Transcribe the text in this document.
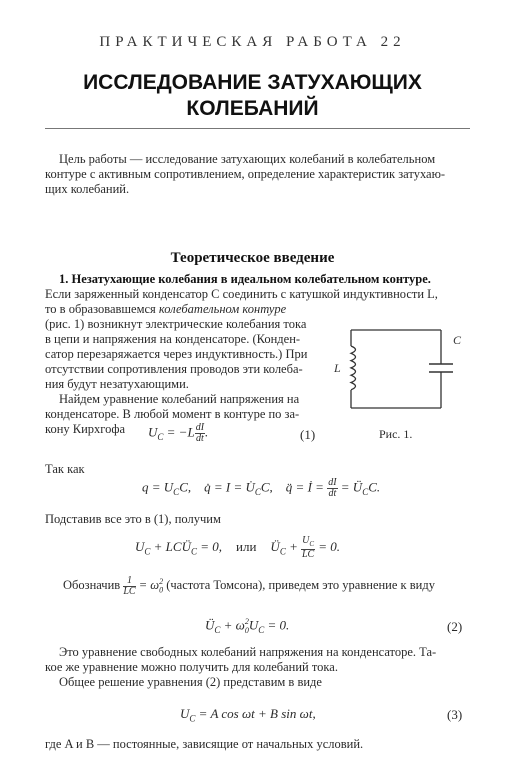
ПРАКТИЧЕСКАЯ РАБОТА 22
ИССЛЕДОВАНИЕ ЗАТУХАЮЩИХ
КОЛЕБАНИЙ
Цель работы — исследование затухающих колебаний в колебательном
контуре с активным сопротивлением, определение характеристик затухаю-
щих колебаний.
Теоретическое введение
1. Незатухающие колебания в идеальном колебательном контуре.
Если заряженный конденсатор C соединить с катушкой индуктивности L,
то в образовавшемся колебательном контуре
(рис. 1) возникнут электрические колебания тока
в цепи и напряжения на конденсаторе. (Конден-
сатор перезаряжается через индуктивность.) При
отсутствии сопротивления проводов эти колеба-
ния будут незатухающими.
Найдем уравнение колебаний напряжения на
конденсаторе. В любой момент в контуре по за-
кону Кирхгофа
L
C
$U_C = -L \frac{dI}{dt}$ .	(1)	Рис. 1.
Так как
$q = U_CC$,    q̇ = $I = U̇_CC$,    q̈ = İ = $\frac{dI}{dt}$ = $Ü_CC$.
Подставив все это в (1), получим
$U_C$ + $LCÜ_C = 0$, или $Ü_C + \frac{U_C}{LC} = 0$.
Обозначив $\frac{1}{LC} = \omega_0^2$ (частота Томсона), приведем это уравнение к виду
$Ü_C + \omega_0^2U_C = 0$.	(2)
Это уравнение свободных колебаний напряжения на конденсаторе. Та-
кое же уравнение можно получить для колебаний тока.
Общее решение уравнения (2) представим в виде
$U_C = A$ cos ωt + B sin ωt,	(3)
где A и B — постоянные, зависящие от начальных условий.
